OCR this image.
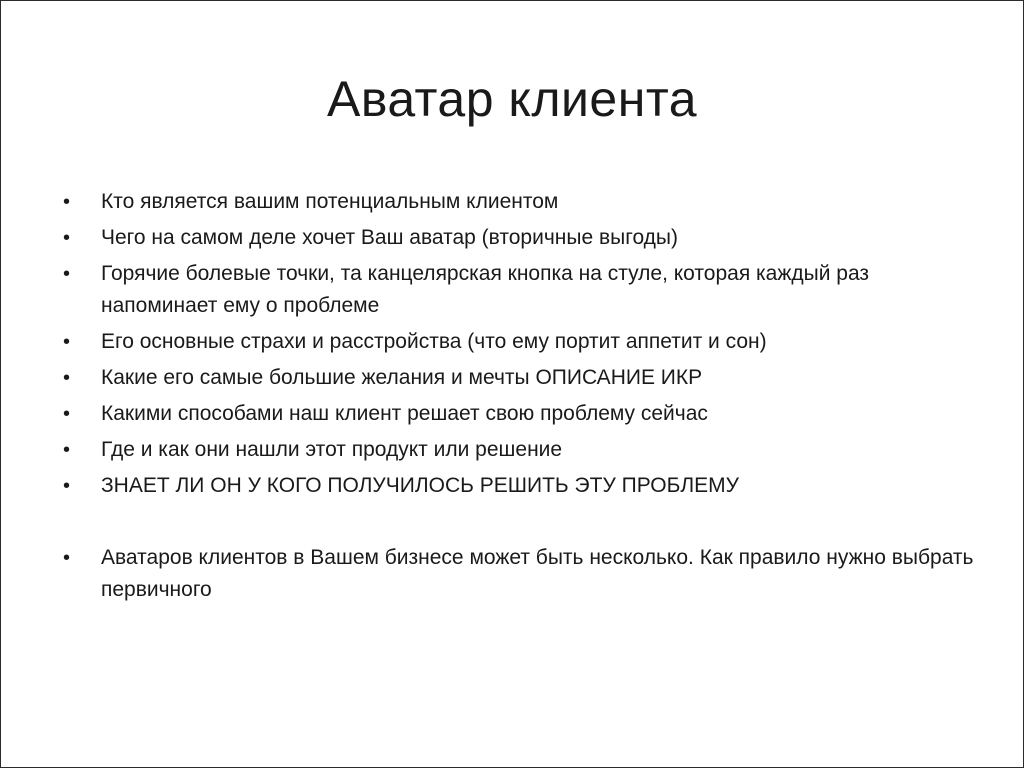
Аватар клиента
• Кто является вашим потенциальным клиентом
• Чего на самом деле хочет Ваш аватар (вторичные выгоды)
• Горячие болевые точки, та канцелярская кнопка на стуле, которая каждый раз напоминает ему о проблеме
• Его основные страхи и расстройства (что ему портит аппетит и сон)
• Какие его самые большие желания и мечты ОПИСАНИЕ ИКР
• Какими способами наш клиент решает свою проблему сейчас
• Где и как они нашли этот продукт или решение
• ЗНАЕТ ЛИ ОН У КОГО ПОЛУЧИЛОСЬ РЕШИТЬ ЭТУ ПРОБЛЕМУ
• Аватаров клиентов в Вашем бизнесе может быть несколько. Как правило нужно выбрать первичного
